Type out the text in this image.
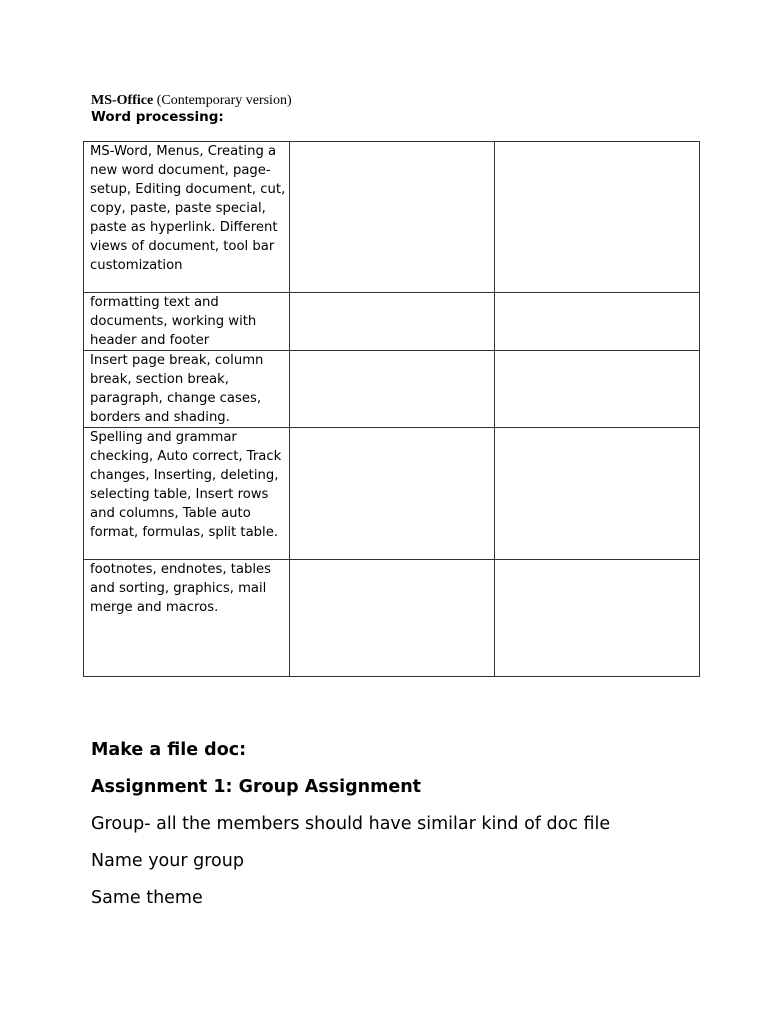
MS-Office (Contemporary version)
Word processing:
MS-Word, Menus, Creating a new word document, page-setup, Editing document, cut, copy, paste, paste special, paste as hyperlink. Different views of document, tool bar customization		
formatting text and documents, working with header and footer		
Insert page break, column break, section break, paragraph, change cases, borders and shading.		
Spelling and grammar checking, Auto correct, Track changes, Inserting, deleting, selecting table, Insert rows and columns, Table auto format, formulas, split table.		
footnotes, endnotes, tables and sorting, graphics, mail merge and macros.		
Make a file doc:
Assignment 1: Group Assignment
Group- all the members should have similar kind of doc file
Name your group
Same theme
